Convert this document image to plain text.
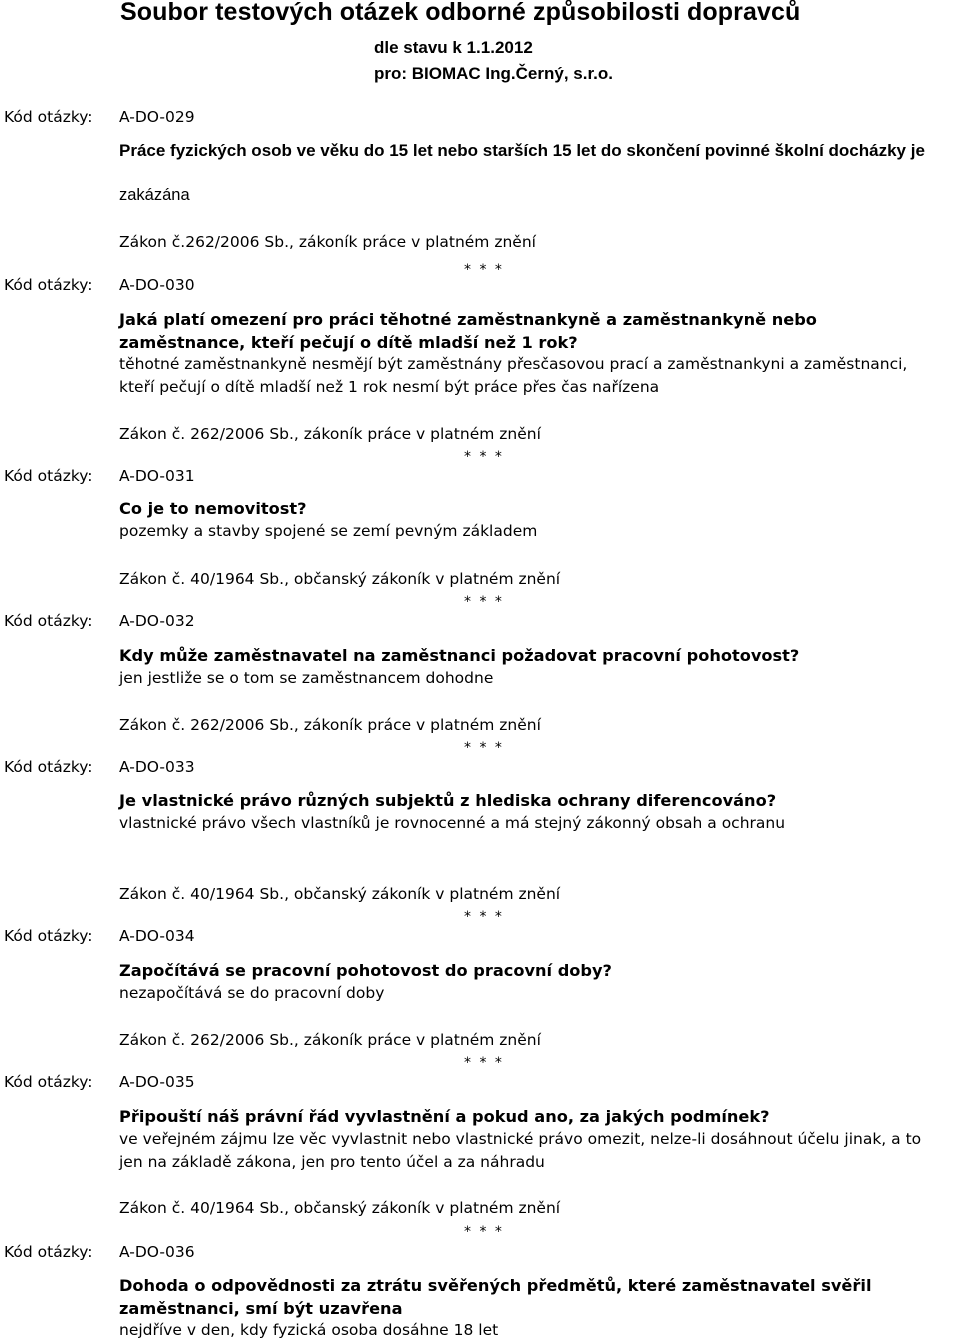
Soubor testových otázek odborné způsobilosti dopravců
dle stavu k 1.1.2012
pro: BIOMAC Ing.Černý, s.r.o.
Kód otázky: A-DO-029
Práce fyzických osob ve věku do 15 let nebo starších 15 let do skončení povinné školní docházky je
zakázána
Zákon č.262/2006 Sb., zákoník práce v platném znění
* * *
Kód otázky: A-DO-030
Jaká platí omezení pro práci těhotné zaměstnankyně a zaměstnankyně nebo zaměstnance, kteří pečují o dítě mladší než 1 rok?
těhotné zaměstnankyně nesmějí být zaměstnány přesčasovou prací a zaměstnankyni a zaměstnanci, kteří pečují o dítě mladší než 1 rok nesmí být práce přes čas nařízena
Zákon č. 262/2006 Sb., zákoník práce v platném znění
* * *
Kód otázky: A-DO-031
Co je to nemovitost?
pozemky a stavby spojené se zemí pevným základem
Zákon č. 40/1964 Sb., občanský zákoník v platném znění
* * *
Kód otázky: A-DO-032
Kdy může zaměstnavatel na zaměstnanci požadovat pracovní pohotovost?
jen jestliže se o tom se zaměstnancem dohodne
Zákon č. 262/2006 Sb., zákoník práce v platném znění
* * *
Kód otázky: A-DO-033
Je vlastnické právo různých subjektů z hlediska ochrany diferencováno?
vlastnické právo všech vlastníků je rovnocenné a má stejný zákonný obsah a ochranu
Zákon č. 40/1964 Sb., občanský zákoník v platném znění
* * *
Kód otázky: A-DO-034
Započítává se pracovní pohotovost do pracovní doby?
nezapočítává se do pracovní doby
Zákon č. 262/2006 Sb., zákoník práce v platném znění
* * *
Kód otázky: A-DO-035
Připouští náš právní řád vyvlastnění a pokud ano, za jakých podmínek?
ve veřejném zájmu lze věc vyvlastnit nebo vlastnické právo omezit, nelze-li dosáhnout účelu jinak, a to jen na základě zákona, jen pro tento účel a za náhradu
Zákon č. 40/1964 Sb., občanský zákoník v platném znění
* * *
Kód otázky: A-DO-036
Dohoda o odpovědnosti za ztrátu svěřených předmětů, které zaměstnavatel svěřil zaměstnanci, smí být uzavřena
nejdříve v den, kdy fyzická osoba dosáhne 18 let
